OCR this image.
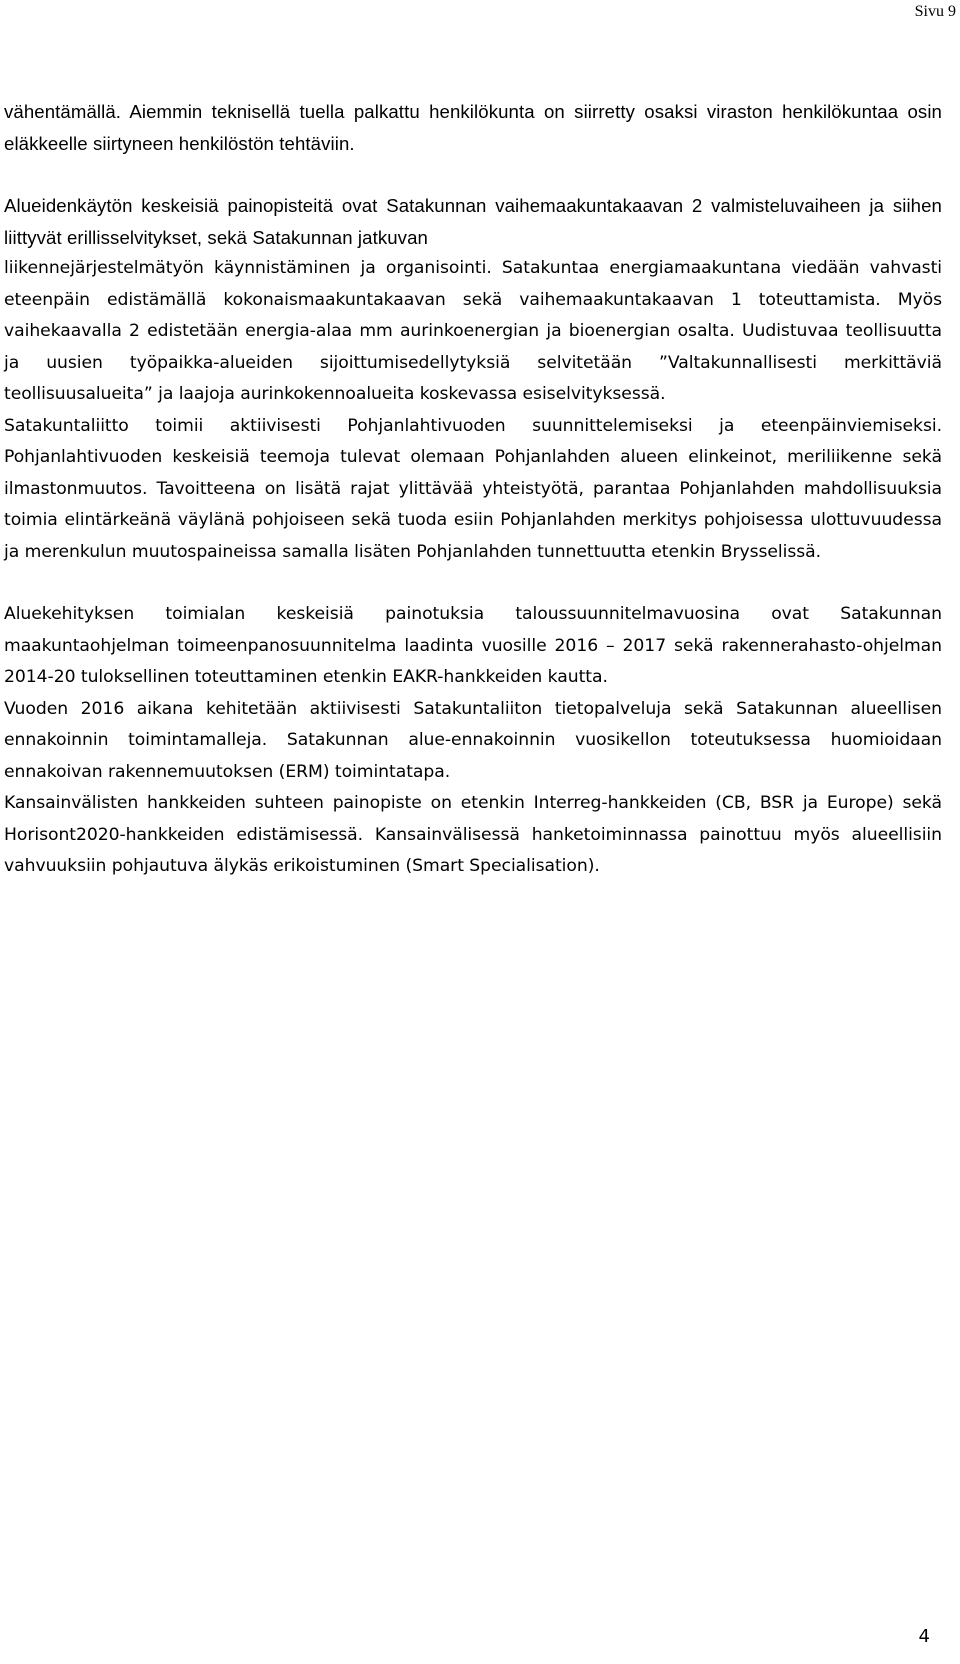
Sivu 9

vähentämällä. Aiemmin teknisellä tuella palkattu henkilökunta on siirretty osaksi viraston henkilökuntaa osin eläkkeelle siirtyneen henkilöstön tehtäviin.

Alueidenkäytön keskeisiä painopisteitä ovat Satakunnan vaihemaakuntakaavan 2 valmisteluvaiheen ja siihen liittyvät erillisselvitykset, sekä Satakunnan jatkuvan

liikennejärjestelmätyön käynnistäminen ja organisointi. Satakuntaa energiamaakuntana viedään vahvasti eteenpäin edistämällä kokonaismaakuntakaavan sekä vaihemaakuntakaavan 1 toteuttamista. Myös vaihekaavalla 2 edistetään energia-alaa mm aurinkoenergian ja bioenergian osalta. Uudistuvaa teollisuutta ja uusien työpaikka-alueiden sijoittumisedellytyksiä selvitetään ”Valtakunnallisesti merkittäviä teollisuusalueita” ja laajoja aurinkokennoalueita koskevassa esiselvityksessä.

Satakuntaliitto toimii aktiivisesti Pohjanlahtivuoden suunnittelemiseksi ja eteenpäinviemiseksi. Pohjanlahtivuoden keskeisiä teemoja tulevat olemaan Pohjanlahden alueen elinkeinot, meriliikenne sekä ilmastonmuutos. Tavoitteena on lisätä rajat ylittävää yhteistyötä, parantaa Pohjanlahden mahdollisuuksia toimia elintärkeänä väylänä pohjoiseen sekä tuoda esiin Pohjanlahden merkitys pohjoisessa ulottuvuudessa ja merenkulun muutospaineissa samalla lisäten Pohjanlahden tunnettuutta etenkin Brysselissä.

Aluekehityksen toimialan keskeisiä painotuksia taloussuunnitelmavuosina ovat Satakunnan maakuntaohjelman toimeenpanosuunnitelma laadinta vuosille 2016 – 2017 sekä rakennerahasto-ohjelman 2014-20 tuloksellinen toteuttaminen etenkin EAKR-hankkeiden kautta.

Vuoden 2016 aikana kehitetään aktiivisesti Satakuntaliiton tietopalveluja sekä Satakunnan alueellisen ennakoinnin toimintamalleja. Satakunnan alue-ennakoinnin vuosikellon toteutuksessa huomioidaan ennakoivan rakennemuutoksen (ERM) toimintatapa.

Kansainvälisten hankkeiden suhteen painopiste on etenkin Interreg-hankkeiden (CB, BSR ja Europe) sekä Horisont2020-hankkeiden edistämisessä. Kansainvälisessä hanketoiminnassa painottuu myös alueellisiin vahvuuksiin pohjautuva älykäs erikoistuminen (Smart Specialisation).

4
